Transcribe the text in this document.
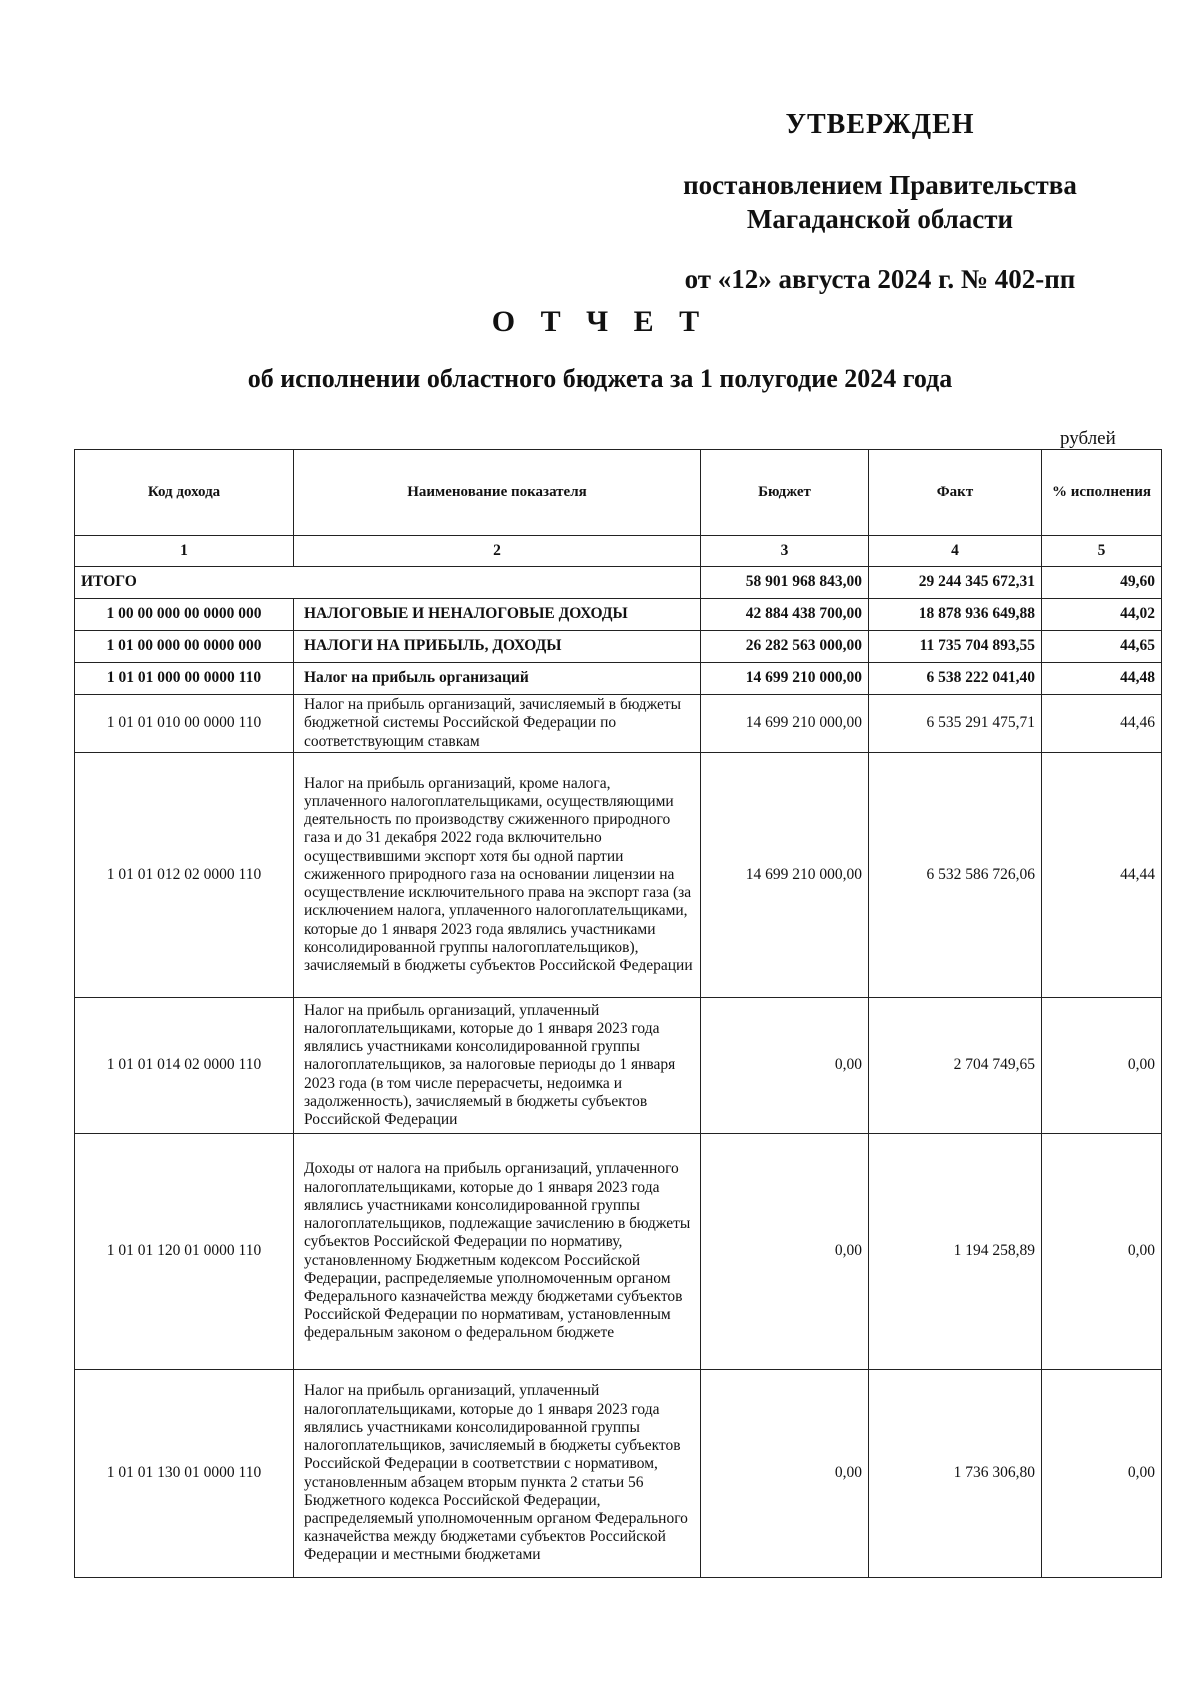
УТВЕРЖДЕН
постановлением Правительства
Магаданской области
от «12» августа 2024 г. № 402-пп
О Т Ч Е Т
об исполнении областного бюджета за 1 полугодие 2024 года
рублей
Код дохода	Наименование показателя	Бюджет	Факт	% исполнения
1	2	3	4	5
ИТОГО		58 901 968 843,00	29 244 345 672,31	49,60
1 00 00 000 00 0000 000	НАЛОГОВЫЕ И НЕНАЛОГОВЫЕ ДОХОДЫ	42 884 438 700,00	18 878 936 649,88	44,02
1 01 00 000 00 0000 000	НАЛОГИ НА ПРИБЫЛЬ, ДОХОДЫ	26 282 563 000,00	11 735 704 893,55	44,65
1 01 01 000 00 0000 110	Налог на прибыль организаций	14 699 210 000,00	6 538 222 041,40	44,48
1 01 01 010 00 0000 110	Налог на прибыль организаций, зачисляемый в бюджеты бюджетной системы Российской Федерации по соответствующим ставкам	14 699 210 000,00	6 535 291 475,71	44,46
1 01 01 012 02 0000 110	Налог на прибыль организаций, кроме налога, уплаченного налогоплательщиками, осуществляющими деятельность по производству сжиженного природного газа и до 31 декабря 2022 года включительно осуществившими экспорт хотя бы одной партии сжиженного природного газа на основании лицензии на осуществление исключительного права на экспорт газа (за исключением налога, уплаченного налогоплательщиками, которые до 1 января 2023 года являлись участниками консолидированной группы налогоплательщиков), зачисляемый в бюджеты субъектов Российской Федерации	14 699 210 000,00	6 532 586 726,06	44,44
1 01 01 014 02 0000 110	Налог на прибыль организаций, уплаченный налогоплательщиками, которые до 1 января 2023 года являлись участниками консолидированной группы налогоплательщиков, за налоговые периоды до 1 января 2023 года (в том числе перерасчеты, недоимка и задолженность), зачисляемый в бюджеты субъектов Российской Федерации	0,00	2 704 749,65	0,00
1 01 01 120 01 0000 110	Доходы от налога на прибыль организаций, уплаченного налогоплательщиками, которые до 1 января 2023 года являлись участниками консолидированной группы налогоплательщиков, подлежащие зачислению в бюджеты субъектов Российской Федерации по нормативу, установленному Бюджетным кодексом Российской Федерации, распределяемые уполномоченным органом Федерального казначейства между бюджетами субъектов Российской Федерации по нормативам, установленным федеральным законом о федеральном бюджете	0,00	1 194 258,89	0,00
1 01 01 130 01 0000 110	Налог на прибыль организаций, уплаченный налогоплательщиками, которые до 1 января 2023 года являлись участниками консолидированной группы налогоплательщиков, зачисляемый в бюджеты субъектов Российской Федерации в соответствии с нормативом, установленным абзацем вторым пункта 2 статьи 56 Бюджетного кодекса Российской Федерации, распределяемый уполномоченным органом Федерального казначейства между бюджетами субъектов Российской Федерации и местными бюджетами	0,00	1 736 306,80	0,00
